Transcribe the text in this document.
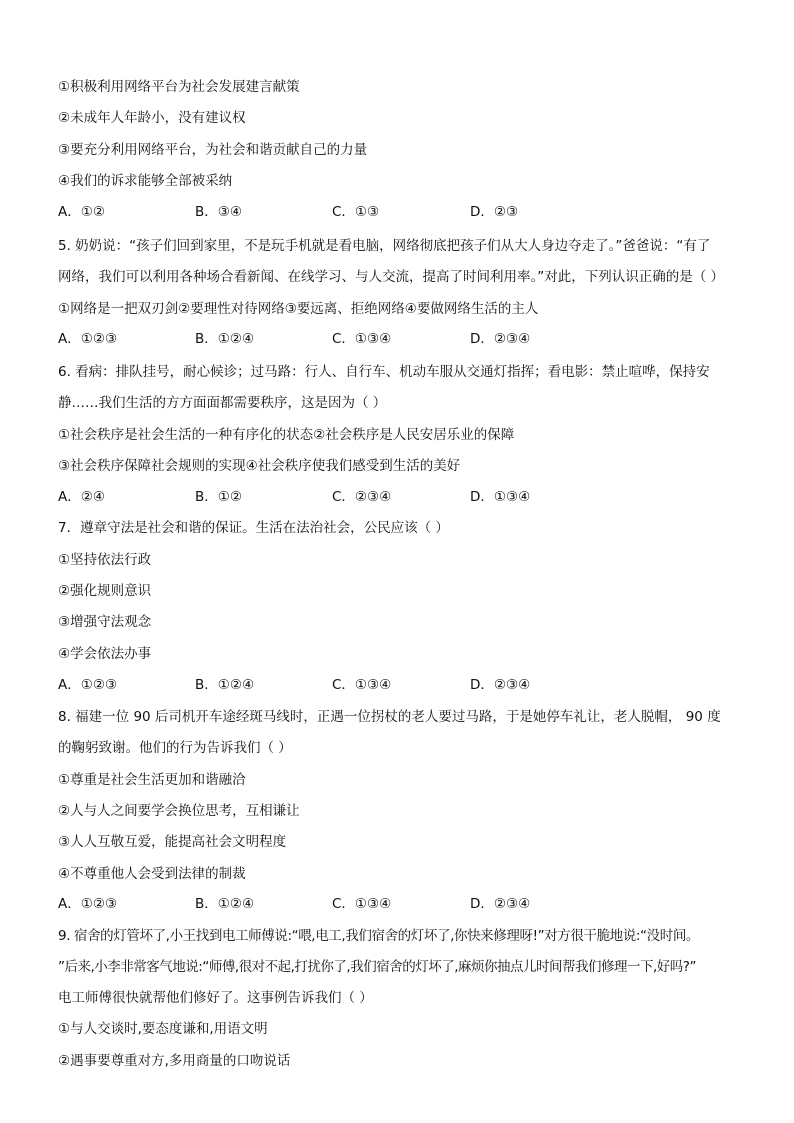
①积极利用网络平台为社会发展建言献策
②未成年人年龄小，没有建议权
③要充分利用网络平台，为社会和谐贡献自己的力量
④我们的诉求能够全部被采纳
A．①②	B．③④	C．①③	D．②③
5. 奶奶说：“孩子们回到家里，不是玩手机就是看电脑，网络彻底把孩子们从大人身边夺走了。”爸爸说：“有了
网络，我们可以利用各种场合看新闻、在线学习、与人交流，提高了时间利用率。”对此，下列认识正确的是（ ）
①网络是一把双刃剑②要理性对待网络③要远离、拒绝网络④要做网络生活的主人
A．①②③	B．①②④	C．①③④	D．②③④
6. 看病：排队挂号，耐心候诊；过马路：行人、自行车、机动车服从交通灯指挥；看电影：禁止喧哗，保持安
静……我们生活的方方面面都需要秩序，这是因为（ ）
①社会秩序是社会生活的一种有序化的状态②社会秩序是人民安居乐业的保障
③社会秩序保障社会规则的实现④社会秩序使我们感受到生活的美好
A．②④	B．①②	C．②③④	D．①③④
7．遵章守法是社会和谐的保证。生活在法治社会，公民应该（ ）
①坚持依法行政
②强化规则意识
③增强守法观念
④学会依法办事
A．①②③	B．①②④	C．①③④	D．②③④
8. 福建一位 90 后司机开车途经斑马线时，正遇一位拐杖的老人要过马路，于是她停车礼让，老人脱帽， 90 度
的鞠躬致谢。他们的行为告诉我们（ ）
①尊重是社会生活更加和谐融洽
②人与人之间要学会换位思考，互相谦让
③人人互敬互爱，能提高社会文明程度
④不尊重他人会受到法律的制裁
A．①②③	B．①②④	C．①③④	D．②③④
9. 宿舍的灯管坏了,小王找到电工师傅说:“喂,电工,我们宿舍的灯坏了,你快来修理呀!”对方很干脆地说:“没时间。
”后来,小李非常客气地说:“师傅,很对不起,打扰你了,我们宿舍的灯坏了,麻烦你抽点儿时间帮我们修理一下,好吗?”
电工师傅很快就帮他们修好了。这事例告诉我们（ ）
①与人交谈时,要态度谦和,用语文明
②遇事要尊重对方,多用商量的口吻说话
